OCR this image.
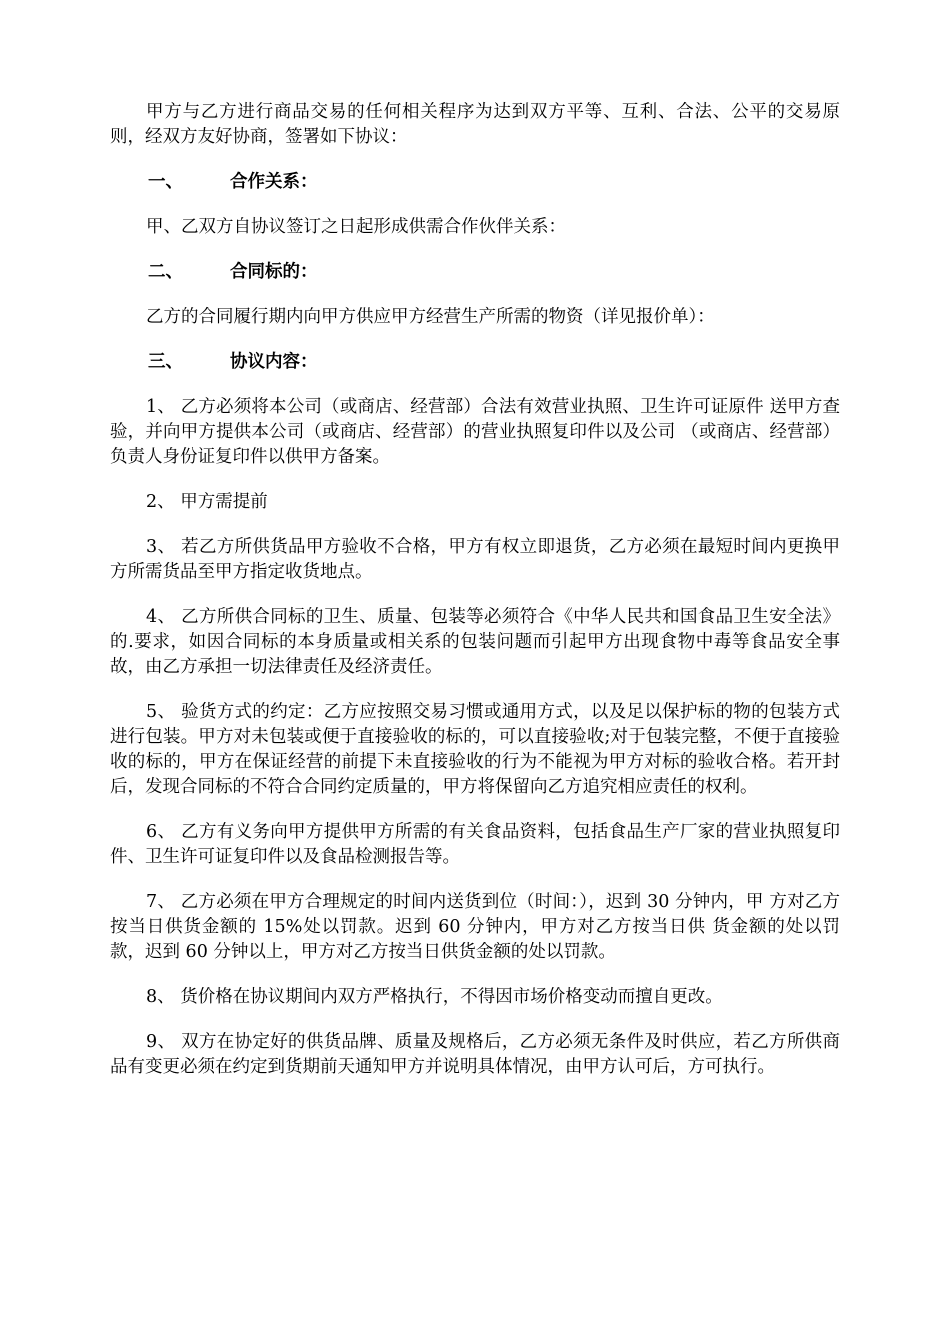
甲方与乙方进行商品交易的任何相关程序为达到双方平等、互利、合法、公平的交易原则，经双方友好协商，签署如下协议：

一、	合作关系：

甲、乙双方自协议签订之日起形成供需合作伙伴关系：

二、	合同标的：

乙方的合同履行期内向甲方供应甲方经营生产所需的物资（详见报价单）：

三、	协议内容：

1、 乙方必须将本公司（或商店、经营部）合法有效营业执照、卫生许可证原件 送甲方查验，并向甲方提供本公司（或商店、经营部）的营业执照复印件以及公司 （或商店、经营部）负责人身份证复印件以供甲方备案。

2、 甲方需提前

3、 若乙方所供货品甲方验收不合格，甲方有权立即退货，乙方必须在最短时间内更换甲方所需货品至甲方指定收货地点。

4、 乙方所供合同标的卫生、质量、包装等必须符合《中华人民共和国食品卫生安全法》的.要求，如因合同标的本身质量或相关系的包装问题而引起甲方出现食物中毒等食品安全事故，由乙方承担一切法律责任及经济责任。

5、 验货方式的约定：乙方应按照交易习惯或通用方式，以及足以保护标的物的包装方式进行包装。甲方对未包装或便于直接验收的标的，可以直接验收;对于包装完整，不便于直接验收的标的，甲方在保证经营的前提下未直接验收的行为不能视为甲方对标的验收合格。若开封后，发现合同标的不符合合同约定质量的，甲方将保留向乙方追究相应责任的权利。

6、 乙方有义务向甲方提供甲方所需的有关食品资料，包括食品生产厂家的营业执照复印件、卫生许可证复印件以及食品检测报告等。

7、 乙方必须在甲方合理规定的时间内送货到位（时间：），迟到 30 分钟内，甲 方对乙方按当日供货金额的 15%处以罚款。迟到 60 分钟内，甲方对乙方按当日供 货金额的处以罚款，迟到 60 分钟以上，甲方对乙方按当日供货金额的处以罚款。

8、 货价格在协议期间内双方严格执行，不得因市场价格变动而擅自更改。

9、 双方在协定好的供货品牌、质量及规格后，乙方必须无条件及时供应，若乙方所供商品有变更必须在约定到货期前天通知甲方并说明具体情况，由甲方认可后，方可执行。
